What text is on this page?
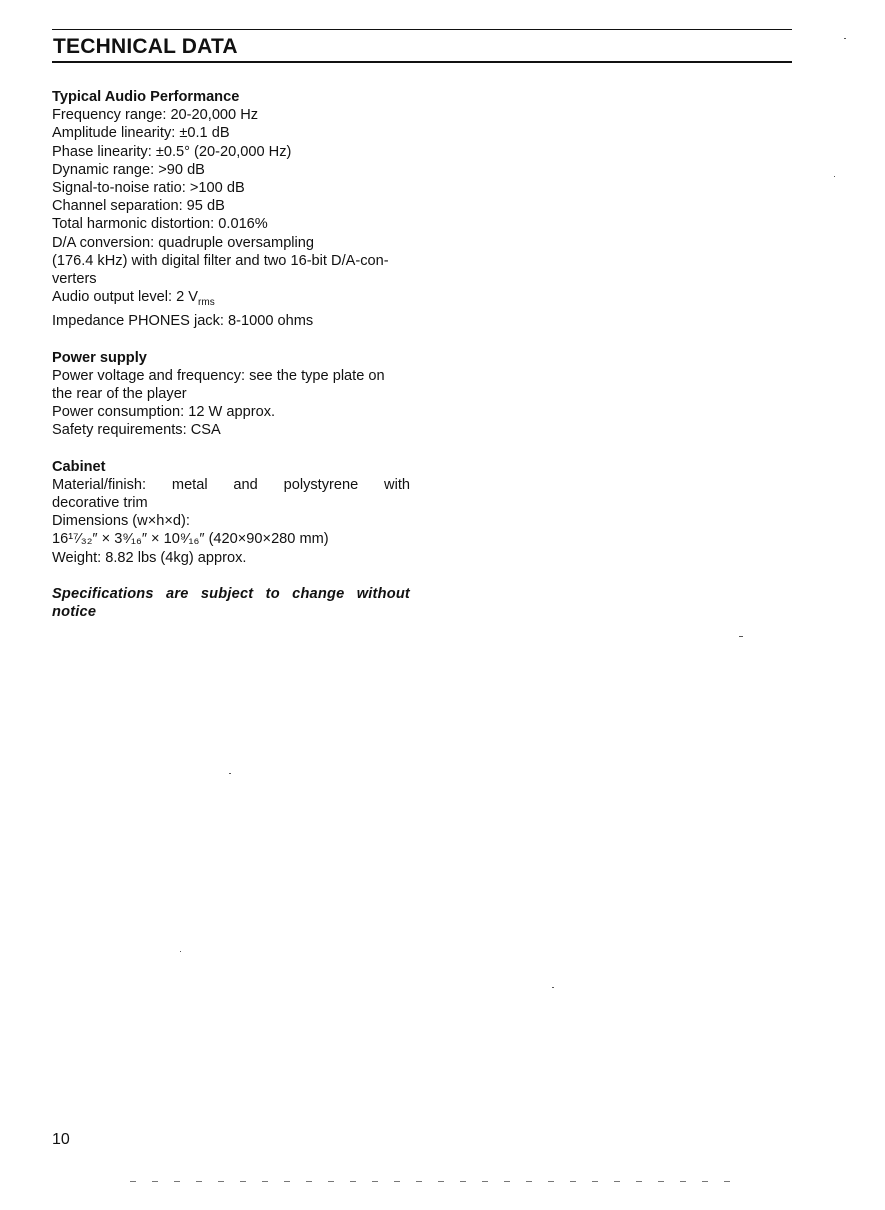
TECHNICAL DATA
Typical Audio Performance
Frequency range: 20-20,000 Hz
Amplitude linearity: ±0.1 dB
Phase linearity: ±0.5° (20-20,000 Hz)
Dynamic range: >90 dB
Signal-to-noise ratio: >100 dB
Channel separation: 95 dB
Total harmonic distortion: 0.016%
D/A conversion: quadruple oversampling
(176.4 kHz) with digital filter and two 16-bit D/A-con-
verters
Audio output level: 2 $V_{rms}$
Impedance PHONES jack: 8-1000 ohms
Power supply
Power voltage and frequency: see the type plate on
the rear of the player
Power consumption: 12 W approx.
Safety requirements: CSA
Cabinet
Material/finish: metal and polystyrene with
decorative trim
Dimensions (w×h×d):
16¹⁷⁄₃₂″ × 3⁹⁄₁₆″ × 10⁹⁄₁₆″ (420×90×280 mm)
Weight: 8.82 lbs (4kg) approx.
Specifications are subject to change without
notice
10
